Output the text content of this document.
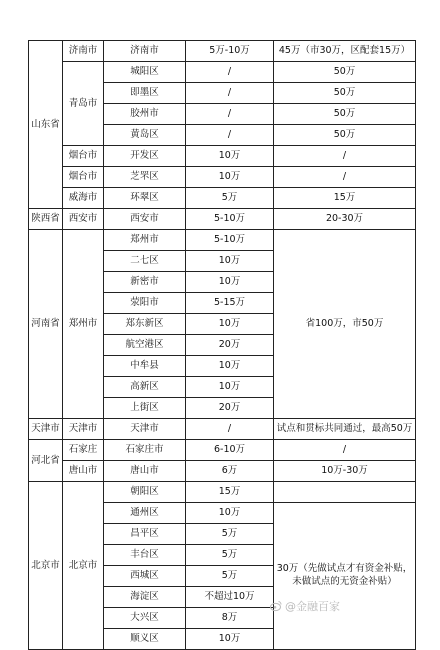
山东省	济南市	济南市	5万-10万	45万（市30万，区配套15万）
	青岛市	城阳区	/	50万
		即墨区	/	50万
		胶州市	/	50万
		黄岛区	/	50万
	烟台市	开发区	10万	/
	烟台市	芝罘区	10万	/
	威海市	环翠区	5万	15万
陕西省	西安市	西安市	5-10万	20-30万
河南省	郑州市	郑州市	5-10万	省100万，市50万
		二七区	10万	
		新密市	10万	
		荥阳市	5-15万	
		郑东新区	10万	
		航空港区	20万	
		中牟县	10万	
		高新区	10万	
		上街区	20万	
天津市	天津市	天津市	/	试点和贯标共同通过，最高50万
河北省	石家庄	石家庄市	6-10万	/
	唐山市	唐山市	6万	10万-30万
北京市	北京市	朝阳区	15万	
		通州区	10万	30万（先做试点才有资金补贴，未做试点的无资金补贴）
		昌平区	5万	
		丰台区	5万	
		西城区	5万	
		海淀区	不超过10万	
		大兴区	8万	
		顺义区	10万	
@金融百家
